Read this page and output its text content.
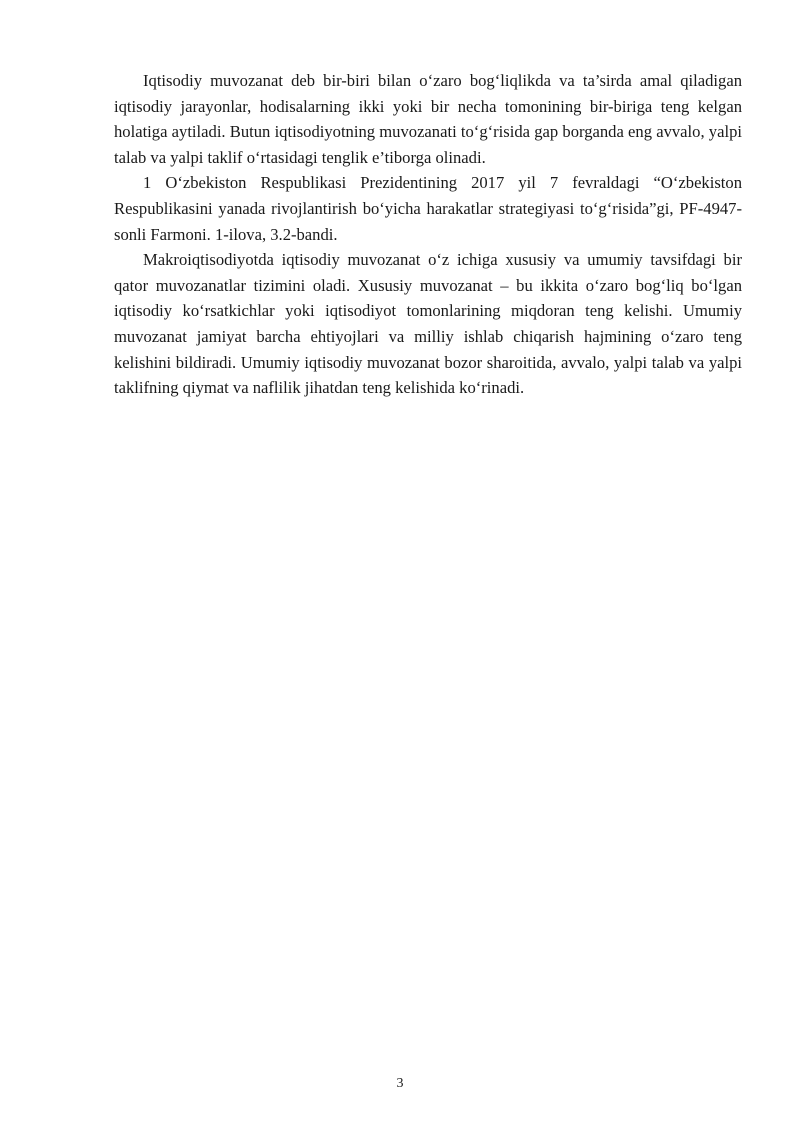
Iqtisodiy muvozanat deb bir-biri bilan o‘zaro bog‘liqlikda va ta’sirda amal qiladigan iqtisodiy jarayonlar, hodisalarning ikki yoki bir necha tomonining bir-biriga teng kelgan holatiga aytiladi. Butun iqtisodiyotning muvozanati to‘g‘risida gap borganda eng avvalo, yalpi talab va yalpi taklif o‘rtasidagi tenglik e’tiborga olinadi.

1 O‘zbekiston Respublikasi Prezidentining 2017 yil 7 fevraldagi “O‘zbekiston Respublikasini yanada rivojlantirish bo‘yicha harakatlar strategiyasi to‘g‘risida”gi, PF-4947-sonli Farmoni. 1-ilova, 3.2-bandi.

Makroiqtisodiyotda iqtisodiy muvozanat o‘z ichiga xususiy va umumiy tavsifdagi bir qator muvozanatlar tizimini oladi. Xususiy muvozanat – bu ikkita o‘zaro bog‘liq bo‘lgan iqtisodiy ko‘rsatkichlar yoki iqtisodiyot tomonlarining miqdoran teng kelishi. Umumiy muvozanat jamiyat barcha ehtiyojlari va milliy ishlab chiqarish hajmining o‘zaro teng kelishini bildiradi. Umumiy iqtisodiy muvozanat bozor sharoitida, avvalo, yalpi talab va yalpi taklifning qiymat va naflilik jihatdan teng kelishida ko‘rinadi.

3
